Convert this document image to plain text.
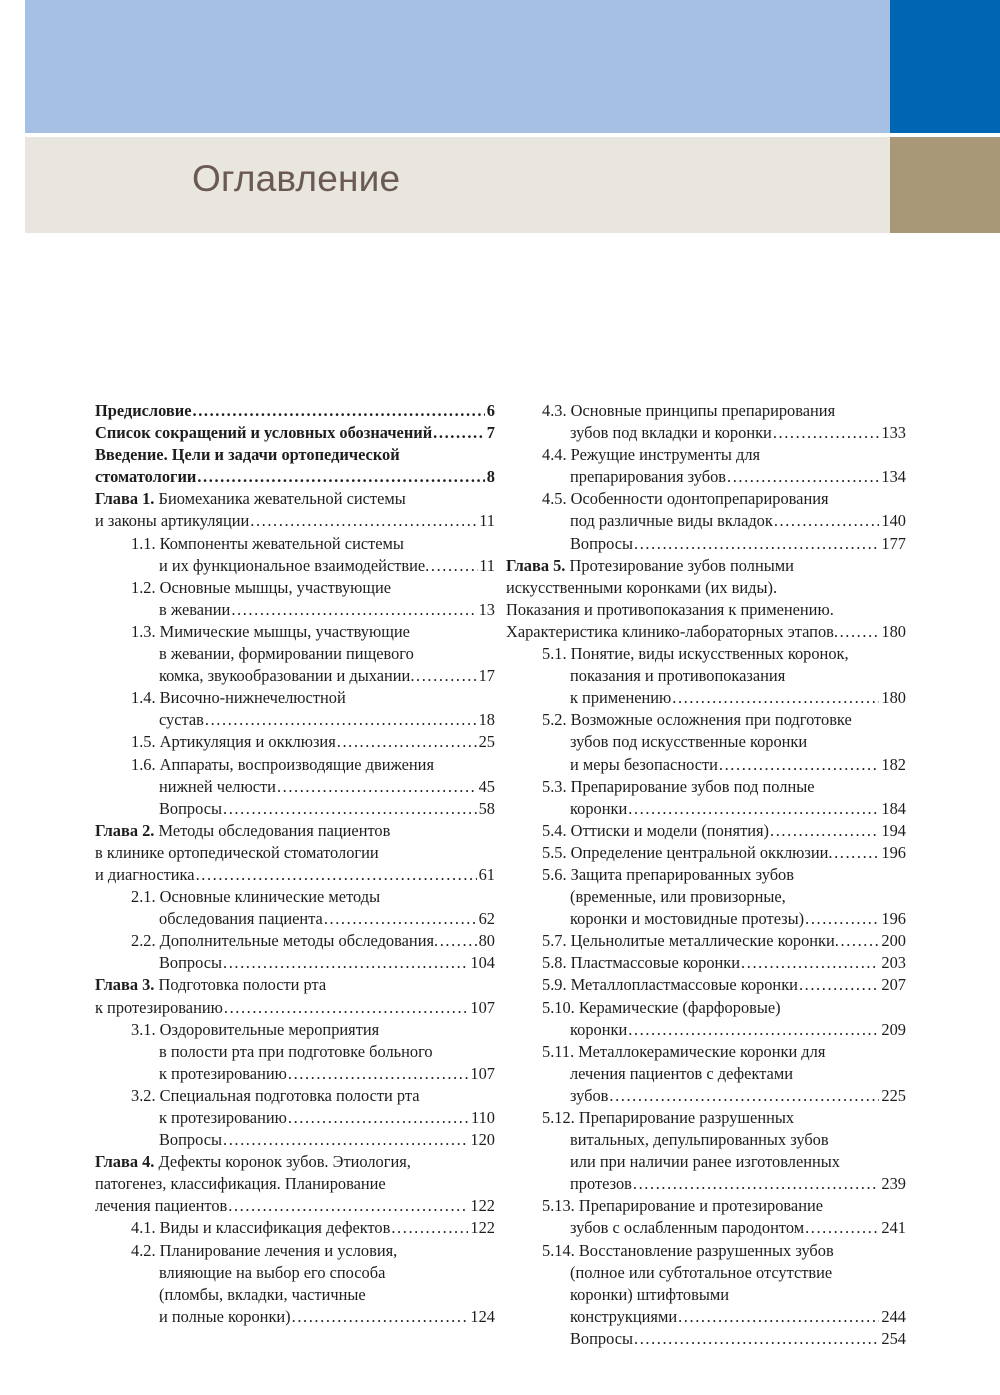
Оглавление
Предисловие .....	6
Список сокращений и условных обозначений .....	7
Введение. Цели и задачи ортопедической
стоматологии .....	8
Глава 1. Биомеханика жевательной системы
и законы артикуляции .....	11
1.1. Компоненты жевательной системы
и их функциональное взаимодействие .....	11
1.2. Основные мышцы, участвующие
в жевании .....	13
1.3. Мимические мышцы, участвующие
в жевании, формировании пищевого
комка, звукообразовании и дыхании .....	17
1.4. Височно-нижнечелюстной
сустав .....	18
1.5. Артикуляция и окклюзия .....	25
1.6. Аппараты, воспроизводящие движения
нижней челюсти .....	45
Вопросы .....	58
Глава 2. Методы обследования пациентов
в клинике ортопедической стоматологии
и диагностика .....	61
2.1. Основные клинические методы
обследования пациента .....	62
2.2. Дополнительные методы обследования .....	80
Вопросы .....	104
Глава 3. Подготовка полости рта
к протезированию .....	107
3.1. Оздоровительные мероприятия
в полости рта при подготовке больного
к протезированию .....	107
3.2. Специальная подготовка полости рта
к протезированию .....	110
Вопросы .....	120
Глава 4. Дефекты коронок зубов. Этиология,
патогенез, классификация. Планирование
лечения пациентов .....	122
4.1. Виды и классификация дефектов .....	122
4.2. Планирование лечения и условия,
влияющие на выбор его способа
(пломбы, вкладки, частичные
и полные коронки) .....	124
4.3. Основные принципы препарирования
зубов под вкладки и коронки .....	133
4.4. Режущие инструменты для
препарирования зубов .....	134
4.5. Особенности одонтопрепарирования
под различные виды вкладок .....	140
Вопросы .....	177
Глава 5. Протезирование зубов полными
искусственными коронками (их виды).
Показания и противопоказания к применению.
Характеристика клинико-лабораторных этапов .....	180
5.1. Понятие, виды искусственных коронок,
показания и противопоказания
к применению .....	180
5.2. Возможные осложнения при подготовке
зубов под искусственные коронки
и меры безопасности .....	182
5.3. Препарирование зубов под полные
коронки .....	184
5.4. Оттиски и модели (понятия) .....	194
5.5. Определение центральной окклюзии .....	196
5.6. Защита препарированных зубов
(временные, или провизорные,
коронки и мостовидные протезы) .....	196
5.7. Цельнолитые металлические коронки .....	200
5.8. Пластмассовые коронки .....	203
5.9. Металлопластмассовые коронки .....	207
5.10. Керамические (фарфоровые)
коронки .....	209
5.11. Металлокерамические коронки для
лечения пациентов с дефектами
зубов .....	225
5.12. Препарирование разрушенных
витальных, депульпированных зубов
или при наличии ранее изготовленных
протезов .....	239
5.13. Препарирование и протезирование
зубов с ослабленным пародонтом .....	241
5.14. Восстановление разрушенных зубов
(полное или субтотальное отсутствие
коронки) штифтовыми
конструкциями .....	244
Вопросы .....	254
